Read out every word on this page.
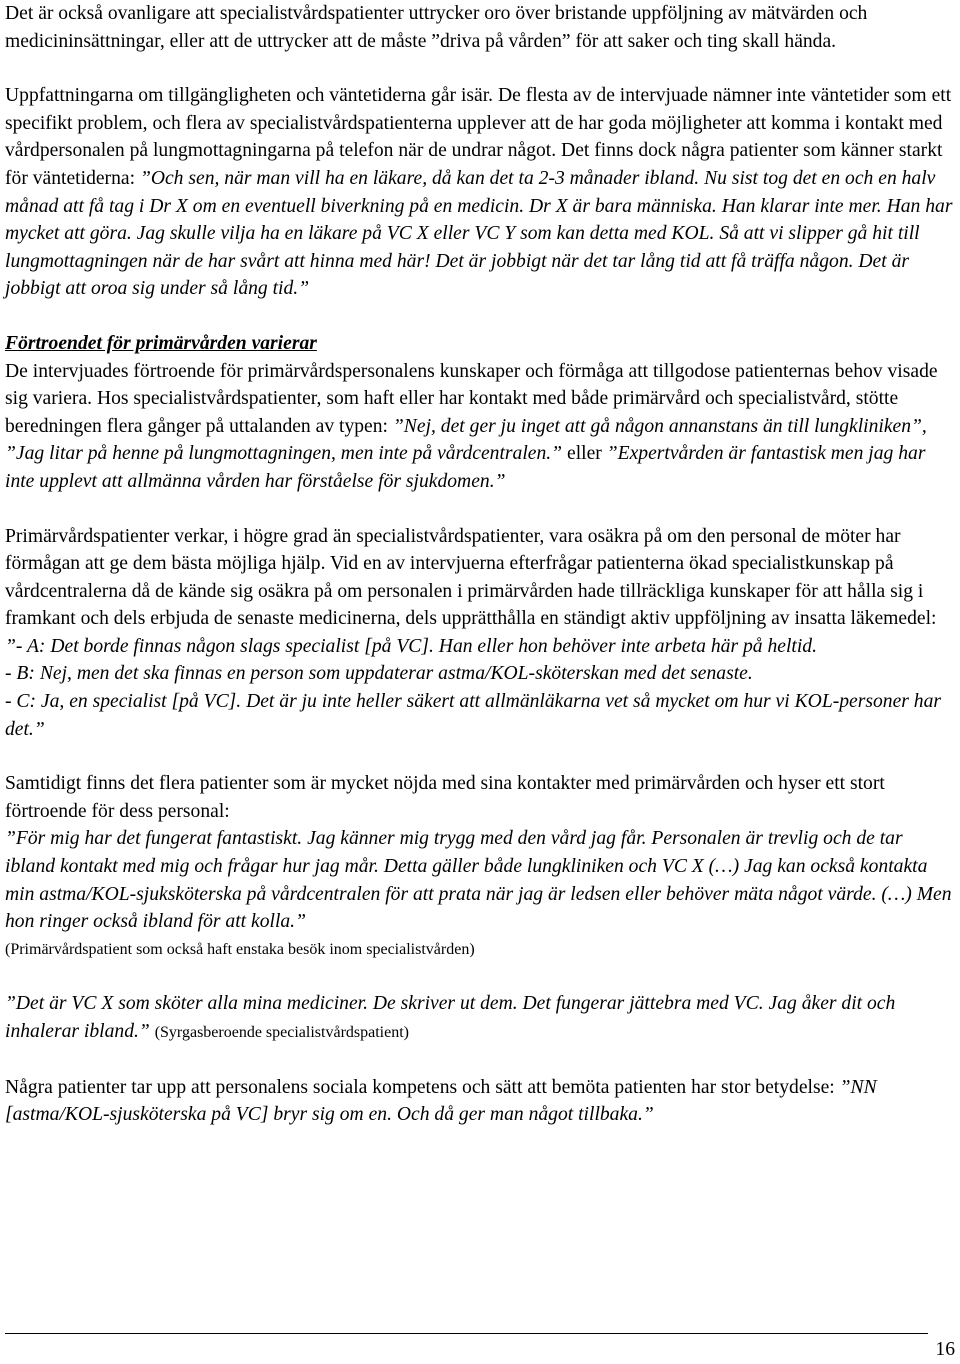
Det är också ovanligare att specialistvårdspatienter uttrycker oro över bristande uppföljning av mätvärden och medicininsättningar, eller att de uttrycker att de måste ”driva på vården” för att saker och ting skall hända.

Uppfattningarna om tillgängligheten och väntetiderna går isär. De flesta av de intervjuade nämner inte väntetider som ett specifikt problem, och flera av specialistvårdspatienterna upplever att de har goda möjligheter att komma i kontakt med vårdpersonalen på lungmottagningarna på telefon när de undrar något. Det finns dock några patienter som känner starkt för väntetiderna: ”Och sen, när man vill ha en läkare, då kan det ta 2-3 månader ibland. Nu sist tog det en och en halv månad att få tag i Dr X om en eventuell biverkning på en medicin. Dr X är bara människa. Han klarar inte mer. Han har mycket att göra. Jag skulle vilja ha en läkare på VC X eller VC Y som kan detta med KOL. Så att vi slipper gå hit till lungmottagningen när de har svårt att hinna med här! Det är jobbigt när det tar lång tid att få träffa någon. Det är jobbigt att oroa sig under så lång tid.”

Förtroendet för primärvården varierar

De intervjuades förtroende för primärvårdspersonalens kunskaper och förmåga att tillgodose patienternas behov visade sig variera. Hos specialistvårdspatienter, som haft eller har kontakt med både primärvård och specialistvård, stötte beredningen flera gånger på uttalanden av typen: ”Nej, det ger ju inget att gå någon annanstans än till lungkliniken”, ”Jag litar på henne på lungmottagningen, men inte på vårdcentralen.” eller ”Expertvården är fantastisk men jag har inte upplevt att allmänna vården har förståelse för sjukdomen.”

Primärvårdspatienter verkar, i högre grad än specialistvårdspatienter, vara osäkra på om den personal de möter har förmågan att ge dem bästa möjliga hjälp. Vid en av intervjuerna efterfrågar patienterna ökad specialistkunskap på vårdcentralerna då de kände sig osäkra på om personalen i primärvården hade tillräckliga kunskaper för att hålla sig i framkant och dels erbjuda de senaste medicinerna, dels upprätthålla en ständigt aktiv uppföljning av insatta läkemedel:

”- A: Det borde finnas någon slags specialist [på VC]. Han eller hon behöver inte arbeta här på heltid.

- B: Nej, men det ska finnas en person som uppdaterar astma/KOL-sköterskan med det senaste.

- C: Ja, en specialist [på VC]. Det är ju inte heller säkert att allmänläkarna vet så mycket om hur vi KOL-personer har det.”

Samtidigt finns det flera patienter som är mycket nöjda med sina kontakter med primärvården och hyser ett stort förtroende för dess personal:

”För mig har det fungerat fantastiskt. Jag känner mig trygg med den vård jag får. Personalen är trevlig och de tar ibland kontakt med mig och frågar hur jag mår. Detta gäller både lungkliniken och VC X (…) Jag kan också kontakta min astma/KOL-sjuksköterska på vårdcentralen för att prata när jag är ledsen eller behöver mäta något värde. (…) Men hon ringer också ibland för att kolla.”

(Primärvårdspatient som också haft enstaka besök inom specialistvården)

”Det är VC X som sköter alla mina mediciner. De skriver ut dem. Det fungerar jättebra med VC. Jag åker dit och inhalerar ibland.” (Syrgasberoende specialistvårdspatient)

Några patienter tar upp att personalens sociala kompetens och sätt att bemöta patienten har stor betydelse: ”NN [astma/KOL-sjusköterska på VC] bryr sig om en. Och då ger man något tillbaka.”

16
